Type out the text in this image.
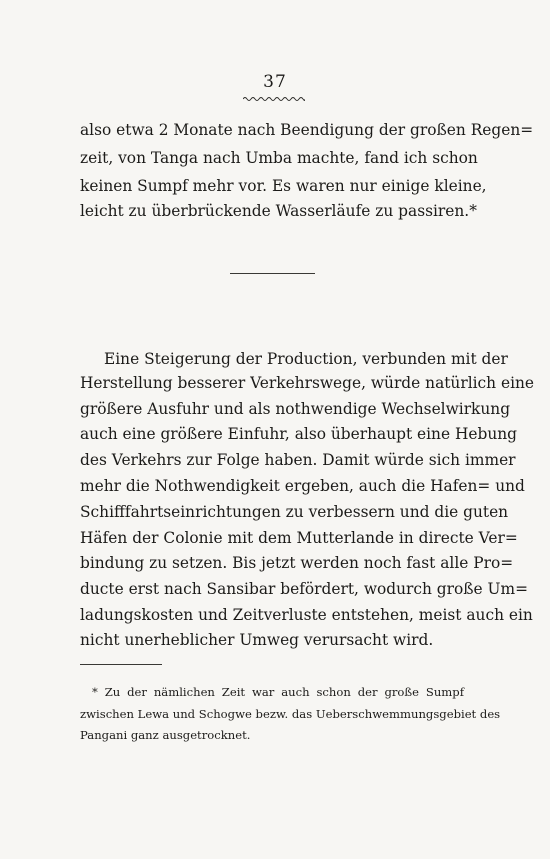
37

also etwa 2 Monate nach Beendigung der großen Regen=

zeit, von Tanga nach Umba machte, fand ich schon

keinen Sumpf mehr vor. Es waren nur einige kleine,

leicht zu überbrückende Wasserläufe zu passiren.*

Eine Steigerung der Production, verbunden mit der

Herstellung besserer Verkehrswege, würde natürlich eine

größere Ausfuhr und als nothwendige Wechselwirkung

auch eine größere Einfuhr, also überhaupt eine Hebung

des Verkehrs zur Folge haben. Damit würde sich immer

mehr die Nothwendigkeit ergeben, auch die Hafen= und

Schifffahrtseinrichtungen zu verbessern und die guten

Häfen der Colonie mit dem Mutterlande in directe Ver=

bindung zu setzen. Bis jetzt werden noch fast alle Pro=

ducte erst nach Sansibar befördert, wodurch große Um=

ladungskosten und Zeitverluste entstehen, meist auch ein

nicht unerheblicher Umweg verursacht wird.

* Zu der nämlichen Zeit war auch schon der große Sumpf

zwischen Lewa und Schogwe bezw. das Ueberschwemmungsgebiet des

Pangani ganz ausgetrocknet.
